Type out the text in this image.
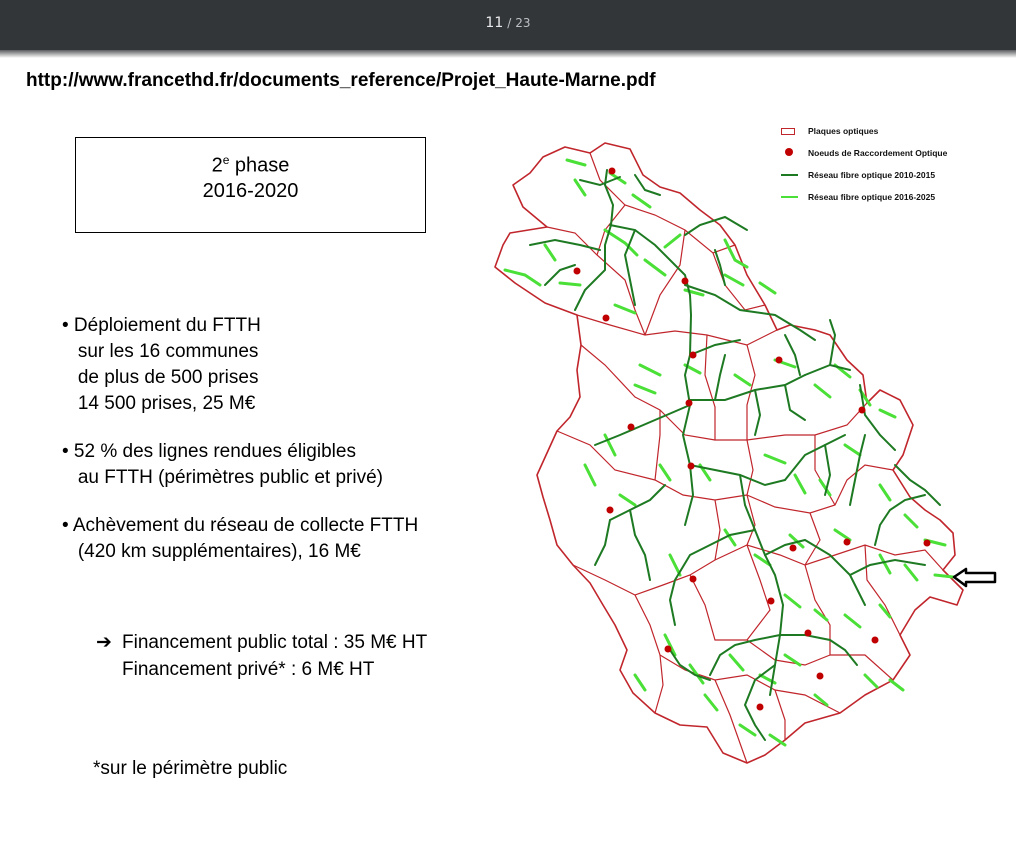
11 / 23
http://www.francethd.fr/documents_reference/Projet_Haute-Marne.pdf
2e phase
2016-2020
• Déploiement du FTTH
sur les 16 communes
de plus de 500 prises
14 500 prises, 25 M€
• 52 % des lignes rendues éligibles
au FTTH (périmètres public et privé)
• Achèvement du réseau de collecte FTTH
(420 km supplémentaires), 16 M€
➔ Financement public total : 35 M€ HT
Financement privé* : 6 M€ HT
*sur le périmètre public
Plaques optiques
Noeuds de Raccordement Optique
Réseau fibre optique 2010-2015
Réseau fibre optique 2016-2025
